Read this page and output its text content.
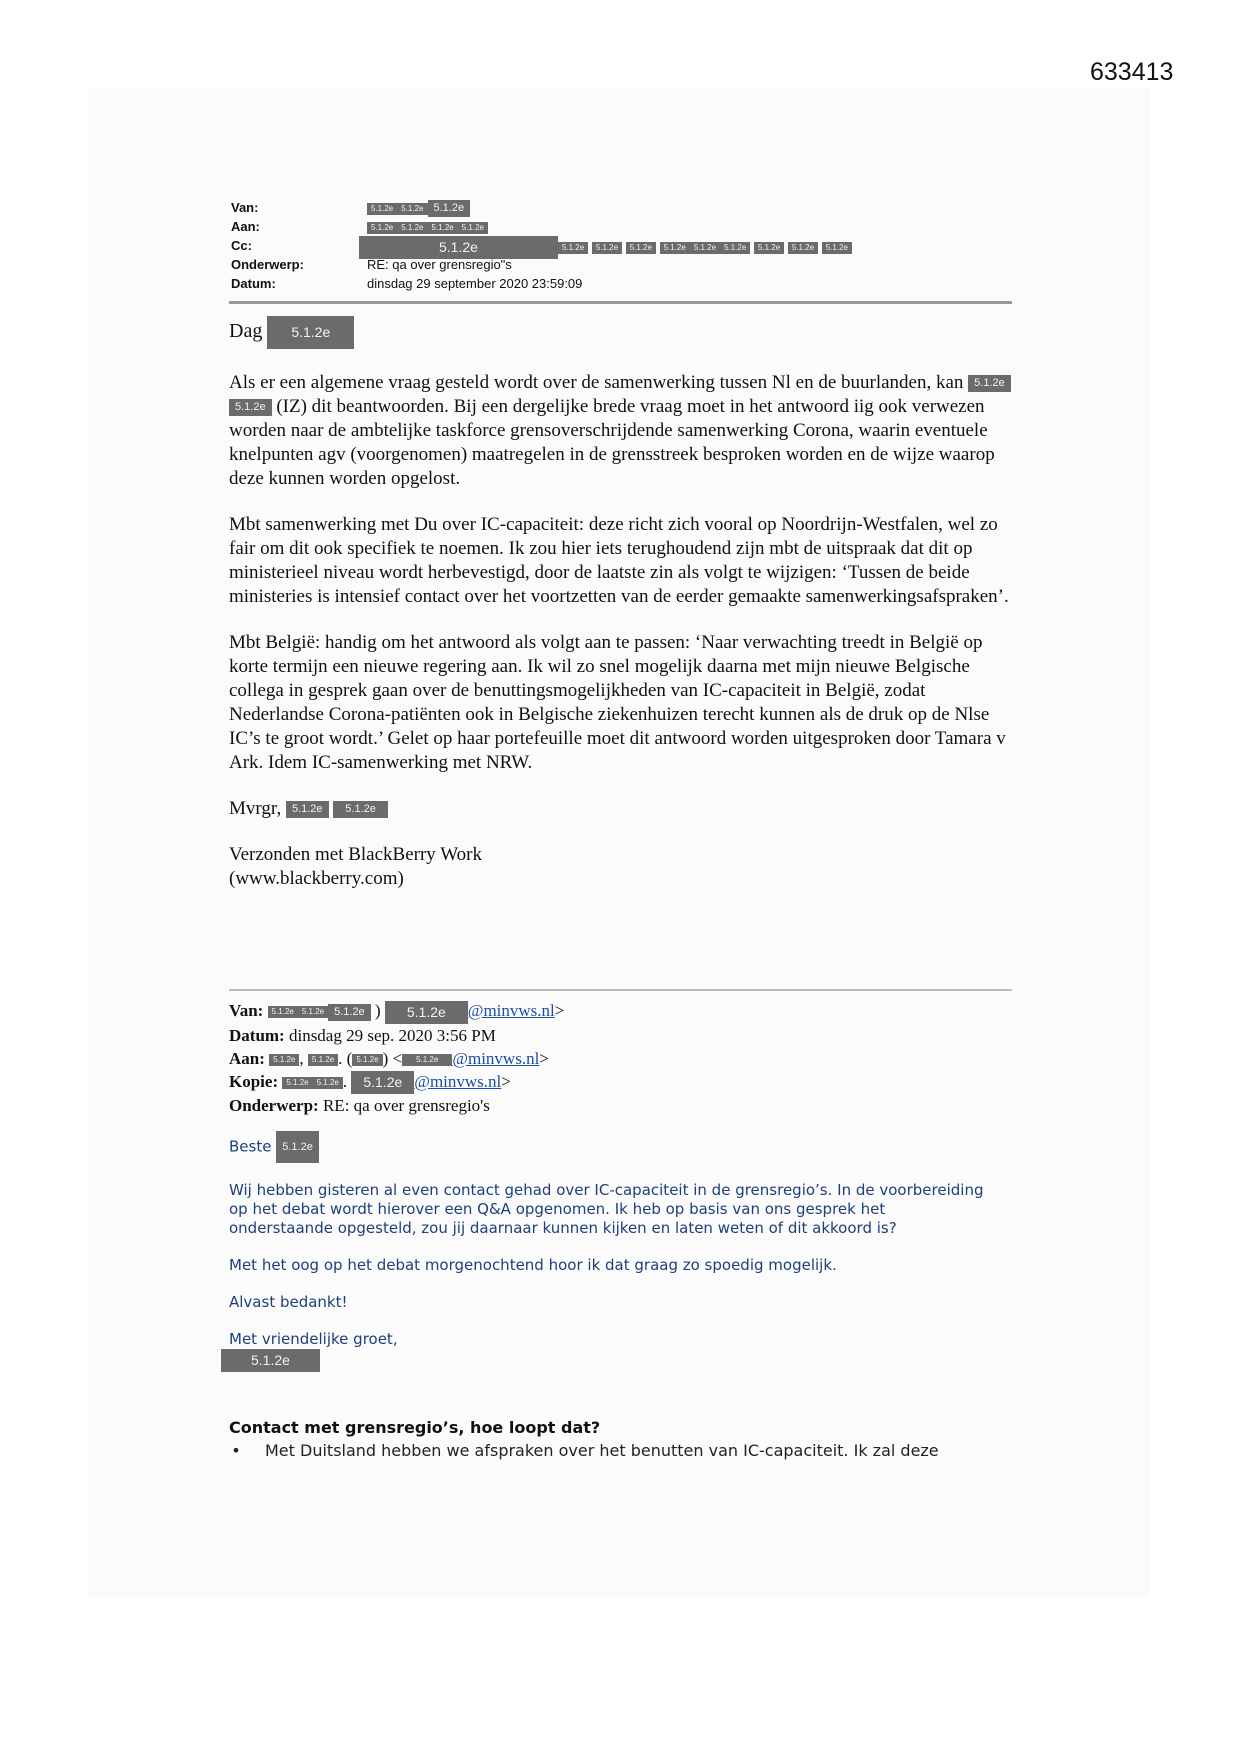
633413
Van:	5.1.2e 5.1.2e 5.1.2e
Aan:	5.1.2e 5.1.2e 5.1.2e 5.1.2e
Cc:	5.1.2e	5.1.2e 5.1.2e 5.1.2e 5.1.2e 5.1.2e 5.1.2e 5.1.2e 5.1.2e 5.1.2e
Onderwerp:	RE: qa over grensregio"s
Datum:	dinsdag 29 september 2020 23:59:09

Dag 5.1.2e

Als er een algemene vraag gesteld wordt over de samenwerking tussen Nl en de buurlanden, kan 5.1.2e 5.1.2e (IZ) dit beantwoorden. Bij een dergelijke brede vraag moet in het antwoord iig ook verwezen worden naar de ambtelijke taskforce grensoverschrijdende samenwerking Corona, waarin eventuele knelpunten agv (voorgenomen) maatregelen in de grensstreek besproken worden en de wijze waarop deze kunnen worden opgelost.

Mbt samenwerking met Du over IC-capaciteit: deze richt zich vooral op Noordrijn-Westfalen, wel zo fair om dit ook specifiek te noemen. Ik zou hier iets terughoudend zijn mbt de uitspraak dat dit op ministerieel niveau wordt herbevestigd, door de laatste zin als volgt te wijzigen: ‘Tussen de beide ministeries is intensief contact over het voortzetten van de eerder gemaakte samenwerkingsafspraken’.

Mbt België: handig om het antwoord als volgt aan te passen: ‘Naar verwachting treedt in België op korte termijn een nieuwe regering aan. Ik wil zo snel mogelijk daarna met mijn nieuwe Belgische collega in gesprek gaan over de benuttingsmogelijkheden van IC-capaciteit in België, zodat Nederlandse Corona-patiënten ook in Belgische ziekenhuizen terecht kunnen als de druk op de Nlse IC’s te groot wordt.’ Gelet op haar portefeuille moet dit antwoord worden uitgesproken door Tamara v Ark. Idem IC-samenwerking met NRW.

Mvrgr, 5.1.2e 5.1.2e

Verzonden met BlackBerry Work
(www.blackberry.com)

Van: 5.1.2e 5.1.2e 5.1.2e ) 5.1.2e @minvws.nl>
Datum: dinsdag 29 sep. 2020 3:56 PM
Aan: 5.1.2e , 5.1.2e . ( 5.1.2e ) < 5.1.2e @minvws.nl>
Kopie: 5.1.2e 5.1.2e . 5.1.2e @minvws.nl>
Onderwerp: RE: qa over grensregio's

Beste 5.1.2e

Wij hebben gisteren al even contact gehad over IC-capaciteit in de grensregio’s. In de voorbereiding op het debat wordt hierover een Q&A opgenomen. Ik heb op basis van ons gesprek het onderstaande opgesteld, zou jij daarnaar kunnen kijken en laten weten of dit akkoord is?

Met het oog op het debat morgenochtend hoor ik dat graag zo spoedig mogelijk.

Alvast bedankt!

Met vriendelijke groet,
5.1.2e

Contact met grensregio’s, hoe loopt dat?
• Met Duitsland hebben we afspraken over het benutten van IC-capaciteit. Ik zal deze
